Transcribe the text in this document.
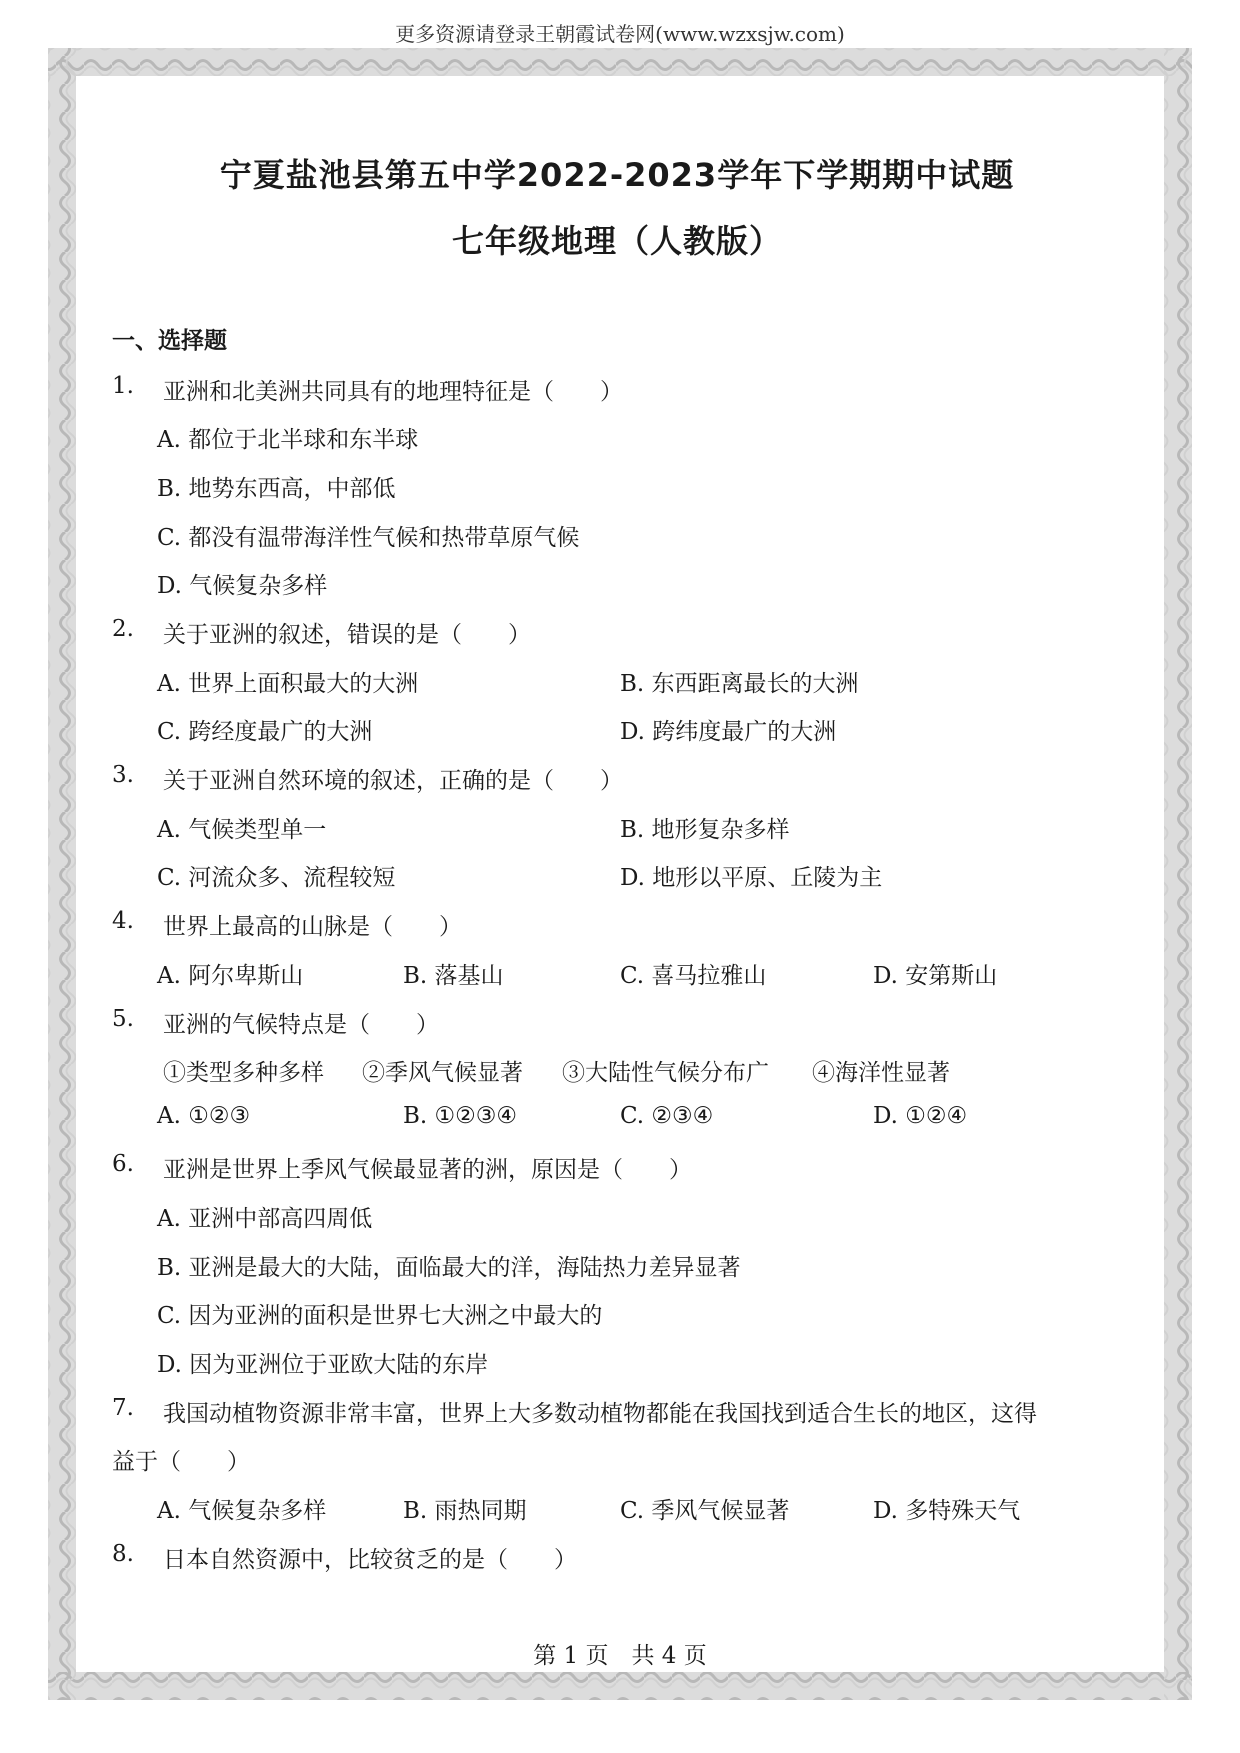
更多资源请登录王朝霞试卷网(www.wzxsjw.com)
宁夏盐池县第五中学2022-2023学年下学期期中试题
七年级地理（人教版）
一、选择题
1. 亚洲和北美洲共同具有的地理特征是（　　）
A. 都位于北半球和东半球
B. 地势东西高，中部低
C. 都没有温带海洋性气候和热带草原气候
D. 气候复杂多样
2. 关于亚洲的叙述，错误的是（　　）
A. 世界上面积最大的大洲	B. 东西距离最长的大洲
C. 跨经度最广的大洲	D. 跨纬度最广的大洲
3. 关于亚洲自然环境的叙述，正确的是（　　）
A. 气候类型单一	B. 地形复杂多样
C. 河流众多、流程较短	D. 地形以平原、丘陵为主
4. 世界上最高的山脉是（　　）
A. 阿尔卑斯山	B. 落基山	C. 喜马拉雅山	D. 安第斯山
5. 亚洲的气候特点是（　　）
①类型多种多样 ②季风气候显著 ③大陆性气候分布广 ④海洋性显著
A. ①②③	B. ①②③④	C. ②③④	D. ①②④
6. 亚洲是世界上季风气候最显著的洲，原因是（　　）
A. 亚洲中部高四周低
B. 亚洲是最大的大陆，面临最大的洋，海陆热力差异显著
C. 因为亚洲的面积是世界七大洲之中最大的
D. 因为亚洲位于亚欧大陆的东岸
7. 我国动植物资源非常丰富，世界上大多数动植物都能在我国找到适合生长的地区，这得
益于（　　）
A. 气候复杂多样	B. 雨热同期	C. 季风气候显著	D. 多特殊天气
8. 日本自然资源中，比较贫乏的是（　　）
第 1 页　共 4 页
